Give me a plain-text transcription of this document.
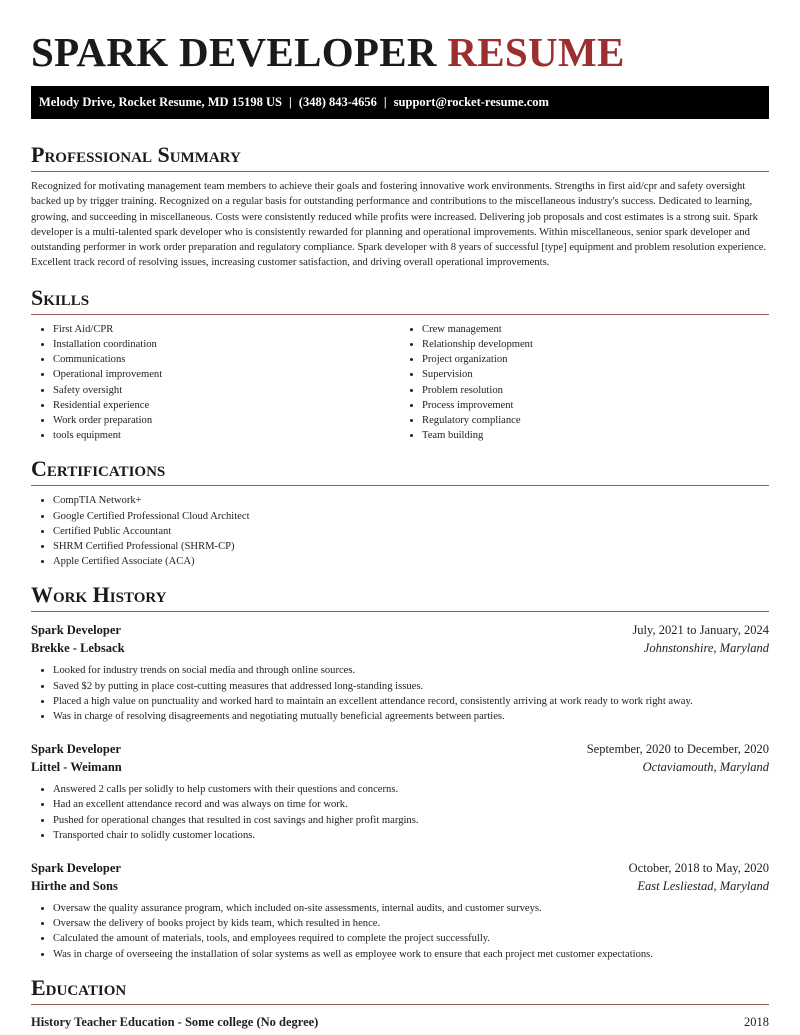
SPARK DEVELOPER RESUME
Melody Drive, Rocket Resume, MD 15198 US | (348) 843-4656 | support@rocket-resume.com
Professional Summary

Recognized for motivating management team members to achieve their goals and fostering innovative work environments. Strengths in first aid/cpr and safety oversight backed up by trigger training. Recognized on a regular basis for outstanding performance and contributions to the miscellaneous industry's success. Dedicated to learning, growing, and succeeding in miscellaneous. Costs were consistently reduced while profits were increased. Delivering job proposals and cost estimates is a strong suit. Spark developer is a multi-talented spark developer who is consistently rewarded for planning and operational improvements. Within miscellaneous, senior spark developer and outstanding performer in work order preparation and regulatory compliance. Spark developer with 8 years of successful [type] equipment and problem resolution experience. Excellent track record of resolving issues, increasing customer satisfaction, and driving overall operational improvements.

Skills
• First Aid/CPR
• Installation coordination
• Communications
• Operational improvement
• Safety oversight
• Residential experience
• Work order preparation
• tools equipment
• Crew management
• Relationship development
• Project organization
• Supervision
• Problem resolution
• Process improvement
• Regulatory compliance
• Team building
Certifications
• CompTIA Network+
• Google Certified Professional Cloud Architect
• Certified Public Accountant
• SHRM Certified Professional (SHRM-CP)
• Apple Certified Associate (ACA)
Work History
Spark Developer	July, 2021 to January, 2024
Brekke - Lebsack	Johnstonshire, Maryland
• Looked for industry trends on social media and through online sources.
• Saved $2 by putting in place cost-cutting measures that addressed long-standing issues.
• Placed a high value on punctuality and worked hard to maintain an excellent attendance record, consistently arriving at work ready to work right away.
• Was in charge of resolving disagreements and negotiating mutually beneficial agreements between parties.
Spark Developer	September, 2020 to December, 2020
Littel - Weimann	Octaviamouth, Maryland
• Answered 2 calls per solidly to help customers with their questions and concerns.
• Had an excellent attendance record and was always on time for work.
• Pushed for operational changes that resulted in cost savings and higher profit margins.
• Transported chair to solidly customer locations.
Spark Developer	October, 2018 to May, 2020
Hirthe and Sons	East Lesliestad, Maryland
• Oversaw the quality assurance program, which included on-site assessments, internal audits, and customer surveys.
• Oversaw the delivery of books project by kids team, which resulted in hence.
• Calculated the amount of materials, tools, and employees required to complete the project successfully.
• Was in charge of overseeing the installation of solar systems as well as employee work to ensure that each project met customer expectations.
Education
History Teacher Education - Some college (No degree)	2018
